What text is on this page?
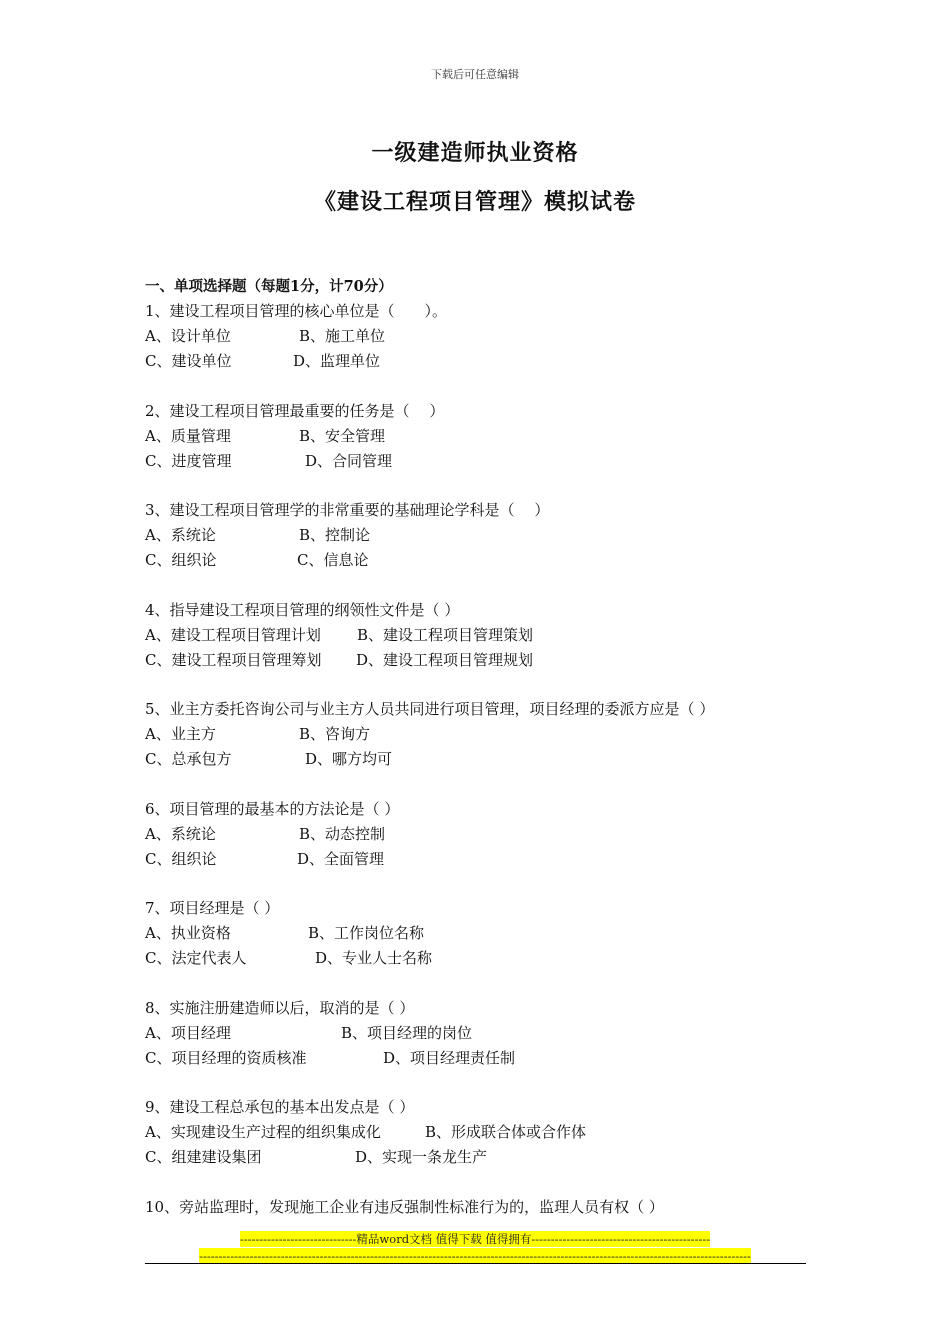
下载后可任意编辑
一级建造师执业资格
《建设工程项目管理》模拟试卷
一、单项选择题（每题1分，计70分）
1、建设工程项目管理的核心单位是（　　）。
A、设计单位	B、施工单位
C、建设单位	D、监理单位
2、建设工程项目管理最重要的任务是（　 ）
A、质量管理	B、安全管理
C、进度管理	D、合同管理
3、建设工程项目管理学的非常重要的基础理论学科是（　 ）
A、系统论	B、控制论
C、组织论	C、信息论
4、指导建设工程项目管理的纲领性文件是（ ）
A、建设工程项目管理计划 B、建设工程项目管理策划
C、建设工程项目管理筹划 D、建设工程项目管理规划
5、业主方委托咨询公司与业主方人员共同进行项目管理，项目经理的委派方应是（ ）
A、业主方	B、咨询方
C、总承包方	D、哪方均可
6、项目管理的最基本的方法论是（ ）
A、系统论	B、动态控制
C、组织论	D、全面管理
7、项目经理是（ ）
A、执业资格	B、工作岗位名称
C、法定代表人	D、专业人士名称
8、实施注册建造师以后，取消的是（ ）
A、项目经理	B、项目经理的岗位
C、项目经理的资质核准	D、项目经理责任制
9、建设工程总承包的基本出发点是（ ）
A、实现建设生产过程的组织集成化	B、形成联合体或合作体
C、组建建设集团	D、实现一条龙生产
10、旁站监理时，发现施工企业有违反强制性标准行为的，监理人员有权（ ）
------------------------------精品word文档 值得下载 值得拥有----------------------------------------------
----------------------------------------------------------------------------------------------------------------------------------------------
